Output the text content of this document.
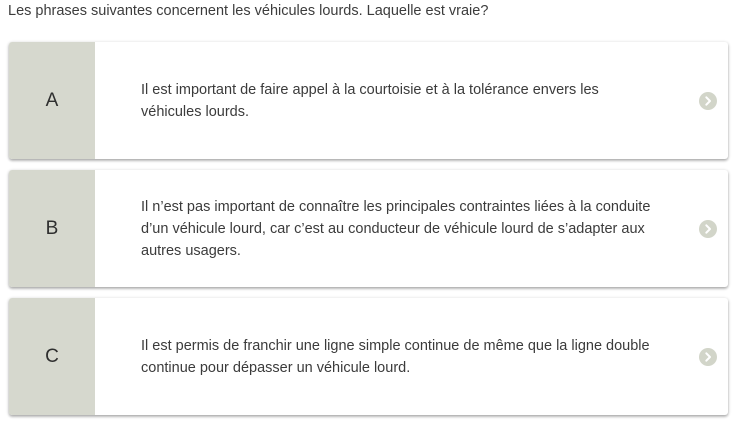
Les phrases suivantes concernent les véhicules lourds. Laquelle est vraie?
A	Il est important de faire appel à la courtoisie et à la tolérance envers les véhicules lourds.
B
Il n’est pas important de connaître les principales contraintes liées à la conduite d’un véhicule lourd, car c’est au conducteur de véhicule lourd de s’adapter aux autres usagers.
C	Il est permis de franchir une ligne simple continue de même que la ligne double continue pour dépasser un véhicule lourd.
